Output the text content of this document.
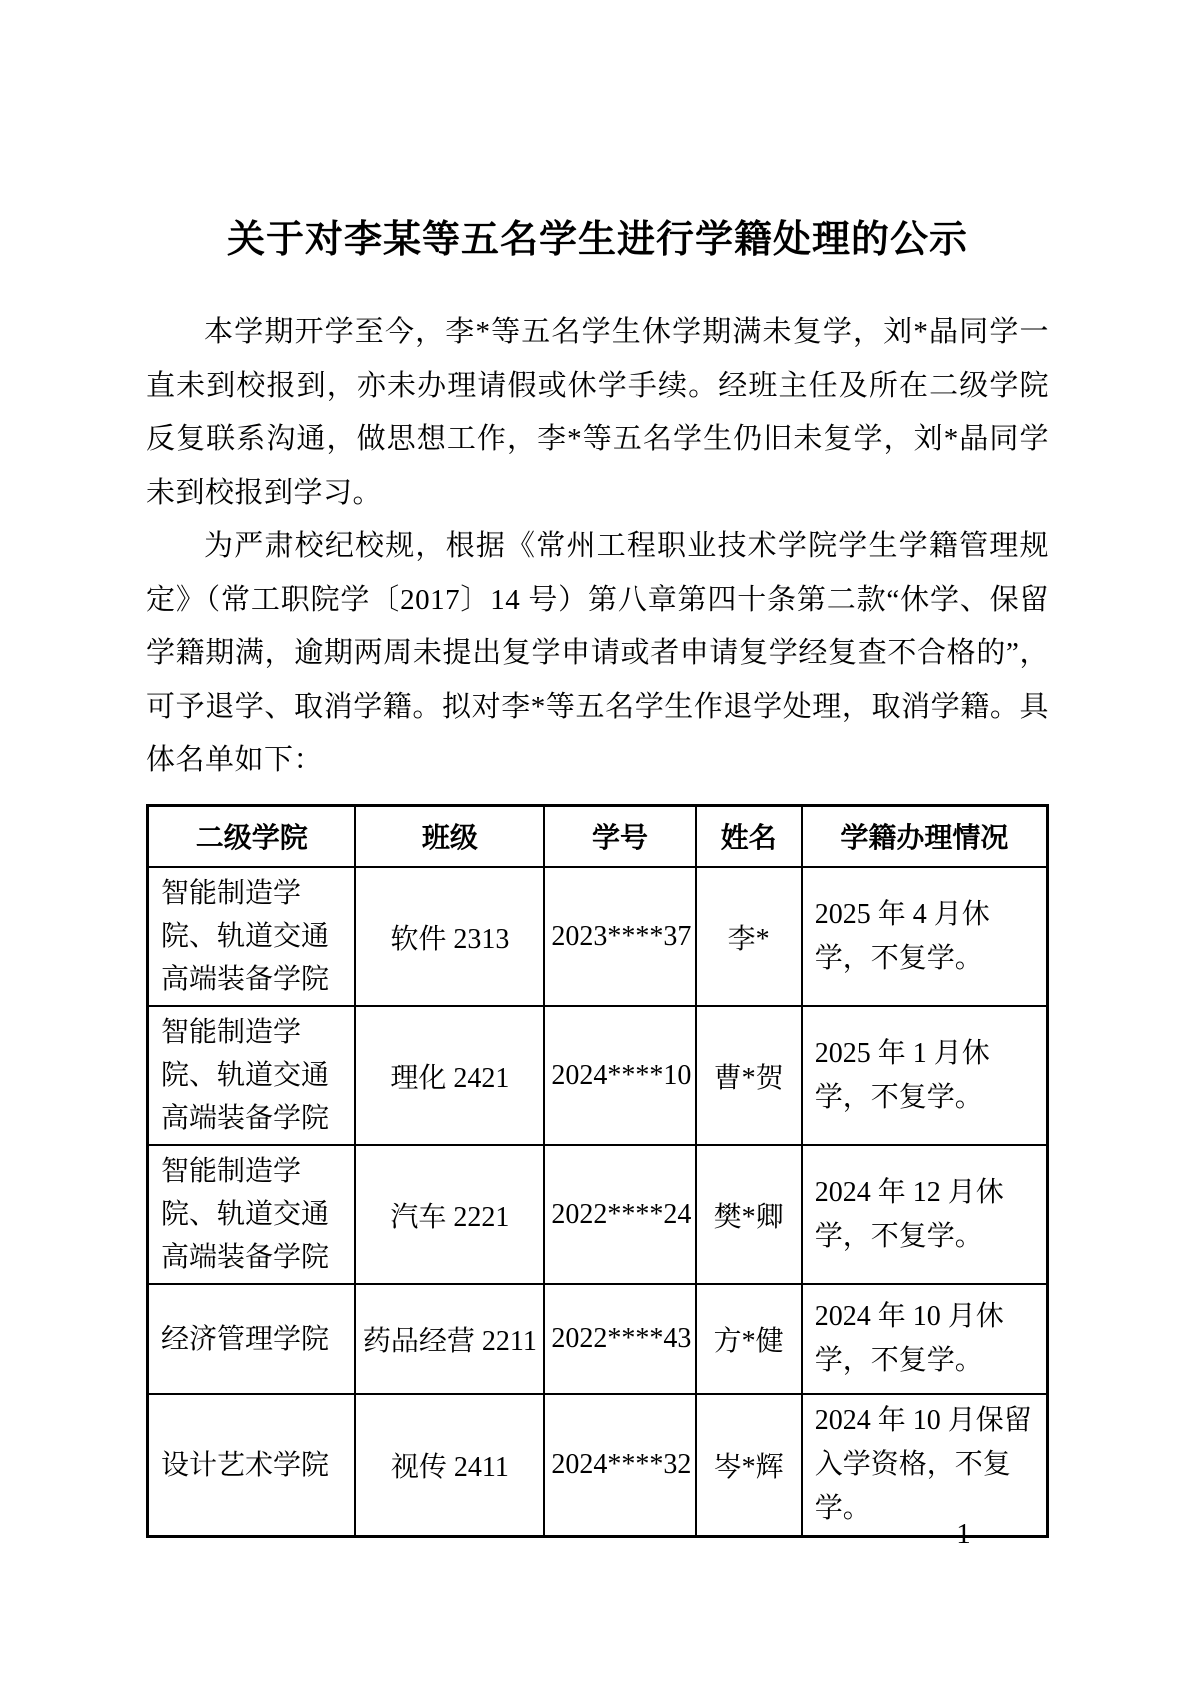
关于对李某等五名学生进行学籍处理的公示

本学期开学至今，李*等五名学生休学期满未复学，刘*晶同学一直未到校报到，亦未办理请假或休学手续。经班主任及所在二级学院反复联系沟通，做思想工作，李*等五名学生仍旧未复学，刘*晶同学未到校报到学习。

为严肃校纪校规，根据《常州工程职业技术学院学生学籍管理规定》（常工职院学〔2017〕14 号）第八章第四十条第二款“休学、保留学籍期满，逾期两周未提出复学申请或者申请复学经复查不合格的”，可予退学、取消学籍。拟对李*等五名学生作退学处理，取消学籍。具体名单如下：

二级学院	班级	学号	姓名	学籍办理情况
智能制造学院、轨道交通高端装备学院	软件 2313	2023****37	李*	2025 年 4 月休学，不复学。
智能制造学院、轨道交通高端装备学院	理化 2421	2024****10	曹*贺	2025 年 1 月休学，不复学。
智能制造学院、轨道交通高端装备学院	汽车 2221	2022****24	樊*卿	2024 年 12 月休学，不复学。
经济管理学院	药品经营 2211	2022****43	方*健	2024 年 10 月休学，不复学。
设计艺术学院	视传 2411	2024****32	岑*辉	2024 年 10 月保留入学资格，不复学。
— 1 —
